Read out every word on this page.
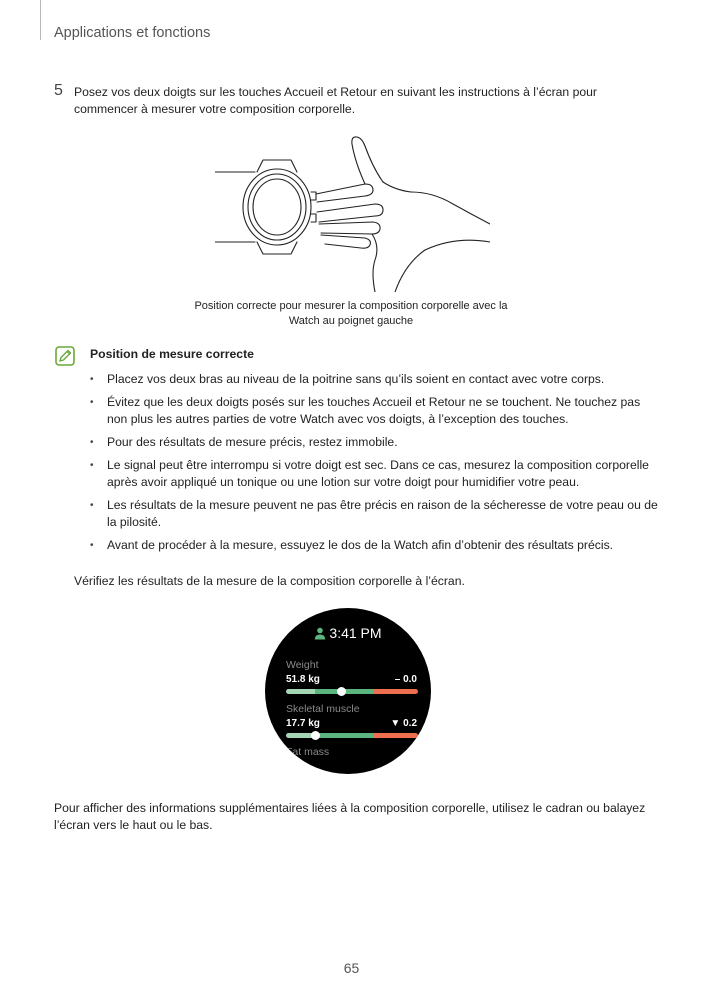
Applications et fonctions
5 Posez vos deux doigts sur les touches Accueil et Retour en suivant les instructions à l’écran pour commencer à mesurer votre composition corporelle.
Position correcte pour mesurer la composition corporelle avec la
Watch au poignet gauche
Position de mesure correcte
• Placez vos deux bras au niveau de la poitrine sans qu’ils soient en contact avec votre corps.
• Évitez que les deux doigts posés sur les touches Accueil et Retour ne se touchent. Ne touchez pas non plus les autres parties de votre Watch avec vos doigts, à l’exception des touches.
• Pour des résultats de mesure précis, restez immobile.
• Le signal peut être interrompu si votre doigt est sec. Dans ce cas, mesurez la composition corporelle après avoir appliqué un tonique ou une lotion sur votre doigt pour humidifier votre peau.
• Les résultats de la mesure peuvent ne pas être précis en raison de la sécheresse de votre peau ou de la pilosité.
• Avant de procéder à la mesure, essuyez le dos de la Watch afin d’obtenir des résultats précis.
Vérifiez les résultats de la mesure de la composition corporelle à l’écran.
3:41 PM
Weight
51.8 kg	– 0.0
Skeletal muscle
17.7 kg	▼ 0.2
Fat mass
Pour afficher des informations supplémentaires liées à la composition corporelle, utilisez le cadran ou balayez l’écran vers le haut ou le bas.
65
